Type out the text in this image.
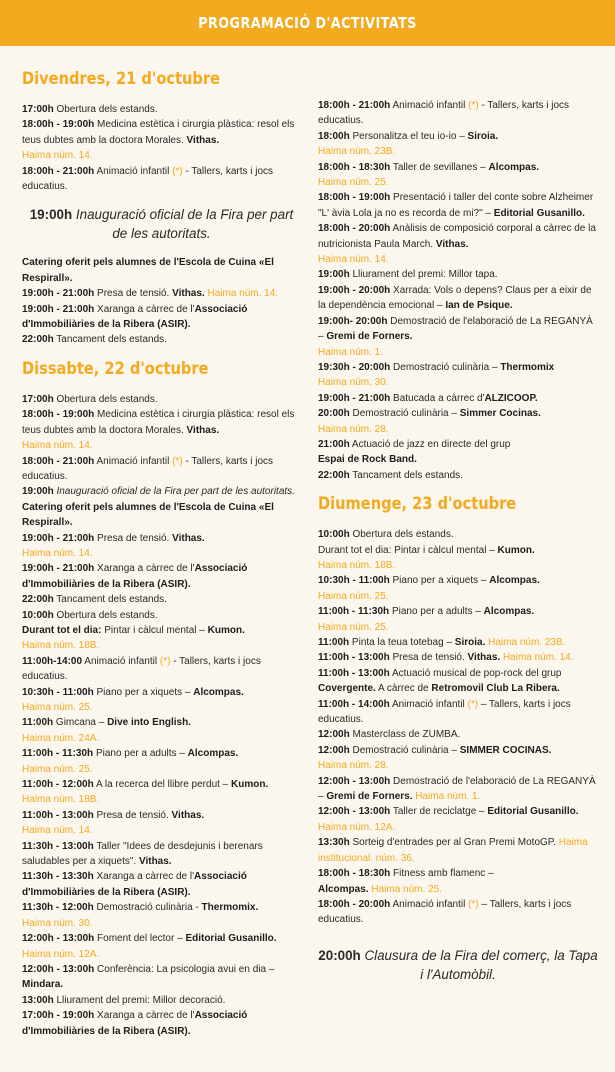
PROGRAMACIÓ D'ACTIVITATS
Divendres, 21 d'octubre
17:00h Obertura dels estands.
18:00h - 19:00h Medicina estètica i cirurgia plàstica: resol els teus dubtes amb la doctora Morales. Vithas.
Haima núm. 14.
18:00h - 21:00h Animació infantil (*) - Tallers, karts i jocs educatius.
19:00h Inauguració oficial de la Fira per part de les autoritats.
Catering oferit pels alumnes de l'Escola de Cuina «El Respirall».
19:00h - 21:00h Presa de tensió. Vithas. Haima núm. 14.
19:00h - 21:00h Xaranga a càrrec de l'Associació d'Immobiliàries de la Ribera (ASIR).
22:00h Tancament dels estands.
Dissabte, 22 d'octubre
17:00h Obertura dels estands.
18:00h - 19:00h Medicina estètica i cirurgia plàstica: resol els teus dubtes amb la doctora Morales. Vithas.
Haima núm. 14.
18:00h - 21:00h Animació infantil (*) - Tallers, karts i jocs educatius.
19:00h Inauguració oficial de la Fira per part de les autoritats.
Catering oferit pels alumnes de l'Escola de Cuina «El Respirall».
19:00h - 21:00h Presa de tensió. Vithas.
Haima núm. 14.
19:00h - 21:00h Xaranga a càrrec de l'Associació d'Immobiliàries de la Ribera (ASIR).
22:00h Tancament dels estands.
10:00h Obertura dels estands.
Durant tot el dia: Pintar i càlcul mental – Kumon.
Haima núm. 18B.
11:00h-14:00 Animació infantil (*) - Tallers, karts i jocs educatius.
10:30h - 11:00h Piano per a xiquets – Alcompas.
Haima núm. 25.
11:00h Gimcana – Dive into English.
Haima núm. 24A.
11:00h - 11:30h Piano per a adults – Alcompas.
Haima núm. 25.
11:00h - 12:00h A la recerca del llibre perdut – Kumon.
Haima núm. 18B.
11:00h - 13:00h Presa de tensió. Vithas.
Haima núm. 14.
11:30h - 13:00h Taller "Idees de desdejunis i berenars saludables per a xiquets". Vithas.
11:30h - 13:30h Xaranga a càrrec de l'Associació d'Immobiliàries de la Ribera (ASIR).
11:30h - 12:00h Demostració culinària - Thermomix.
Haima núm. 30.
12:00h - 13:00h Foment del lector – Editorial Gusanillo.
Haima núm. 12A.
12:00h - 13:00h Conferència: La psicologia avui en dia – Mindara.
13:00h Lliurament del premi: Millor decoració.
17:00h - 19:00h Xaranga a càrrec de l'Associació d'Immobiliàries de la Ribera (ASIR).
18:00h - 21:00h Animació infantil (*) - Tallers, karts i jocs educatius.
18:00h Personalitza el teu io-io – Siroia.
Haima núm. 23B.
18:00h - 18:30h Taller de sevillanes – Alcompas.
Haima núm. 25.
18:00h - 19:00h Presentació i taller del conte sobre Alzheimer "L' àvia Lola ja no es recorda de mi?" – Editorial Gusanillo.
18:00h - 20:00h Anàlisis de composició corporal a càrrec de la nutricionista Paula March. Vithas.
Haima núm. 14.
19:00h Lliurament del premi: Millor tapa.
19:00h - 20:00h Xarrada: Vols o depens? Claus per a eixir de la dependència emocional – Ian de Psique.
19:00h- 20:00h Demostració de l'elaboració de La REGANYÀ – Gremi de Forners.
Haima núm. 1.
19:30h - 20:00h Demostració culinària – Thermomix
Haima núm. 30.
19:00h - 21:00h Batucada a càrrec d'ALZICOOP.
20:00h Demostració culinària – Simmer Cocinas.
Haima núm. 28.
21:00h Actuació de jazz en directe del grup
Espai de Rock Band.
22:00h Tancament dels estands.
Diumenge, 23 d'octubre
10:00h Obertura dels estands.
Durant tot el dia: Pintar i càlcul mental – Kumon.
Haima núm. 18B.
10:30h - 11:00h Piano per a xiquets – Alcompas.
Haima núm. 25.
11:00h - 11:30h Piano per a adults – Alcompas.
Haima núm. 25.
11:00h Pinta la teua totebag – Siroia. Haima núm. 23B.
11:00h - 13:00h Presa de tensió. Vithas. Haima núm. 14.
11:00h - 13:00h Actuació musical de pop-rock del grup Covergente. A càrrec de Retromovil Club La Ribera.
11:00h - 14:00h Animació infantil (*) – Tallers, karts i jocs educatius.
12:00h Masterclass de ZUMBA.
12:00h Demostració culinària – SIMMER COCINAS.
Haima núm. 28.
12:00h - 13:00h Demostració de l'elaboració de La REGANYÀ – Gremi de Forners. Haima núm. 1.
12:00h - 13:00h Taller de reciclatge – Editorial Gusanillo.
Haima núm. 12A.
13:30h Sorteig d'entrades per al Gran Premi MotoGP. Haima institucional. núm. 36.
18:00h - 18:30h Fitness amb flamenc –
Alcompas. Haima núm. 25.
18:00h - 20:00h Animació infantil (*) – Tallers, karts i jocs educatius.
20:00h Clausura de la Fira del comerç, la Tapa i l'Automòbil.
